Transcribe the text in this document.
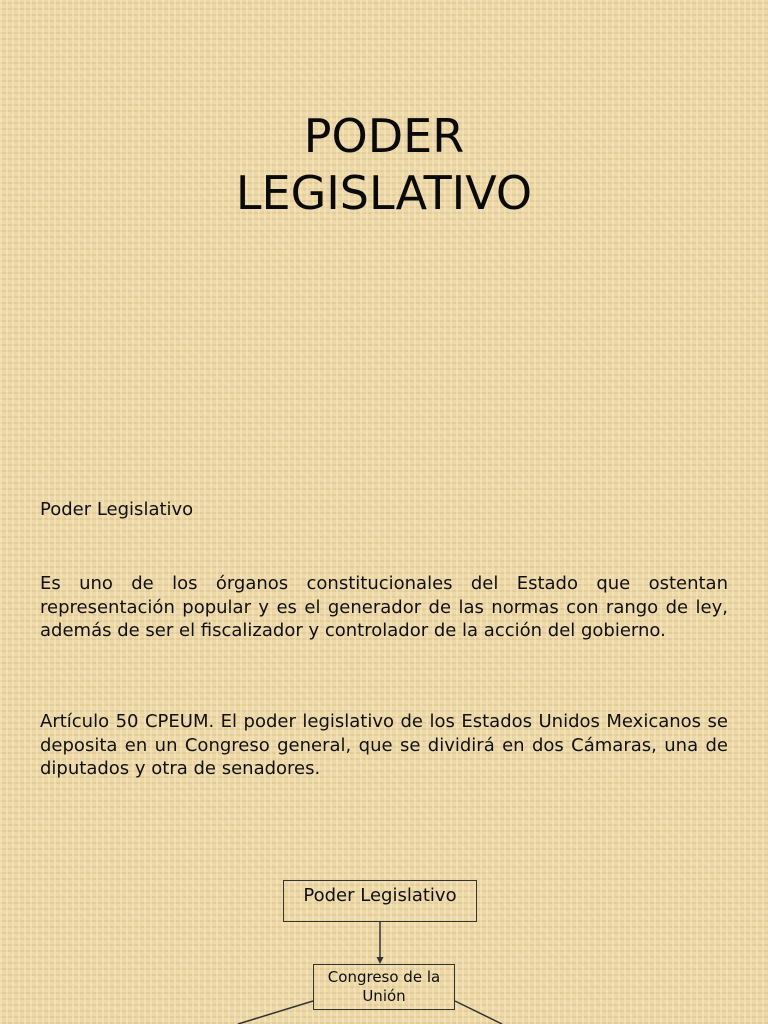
PODER
LEGISLATIVO

Poder Legislativo

Es uno de los órganos constitucionales del Estado que ostentan representación popular y es el generador de las normas con rango de ley, además de ser el fiscalizador y controlador de la acción del gobierno.

Artículo 50 CPEUM. El poder legislativo de los Estados Unidos Mexicanos se deposita en un Congreso general, que se dividirá en dos Cámaras, una de diputados y otra de senadores.

Poder Legislativo
Congreso de la
Unión
